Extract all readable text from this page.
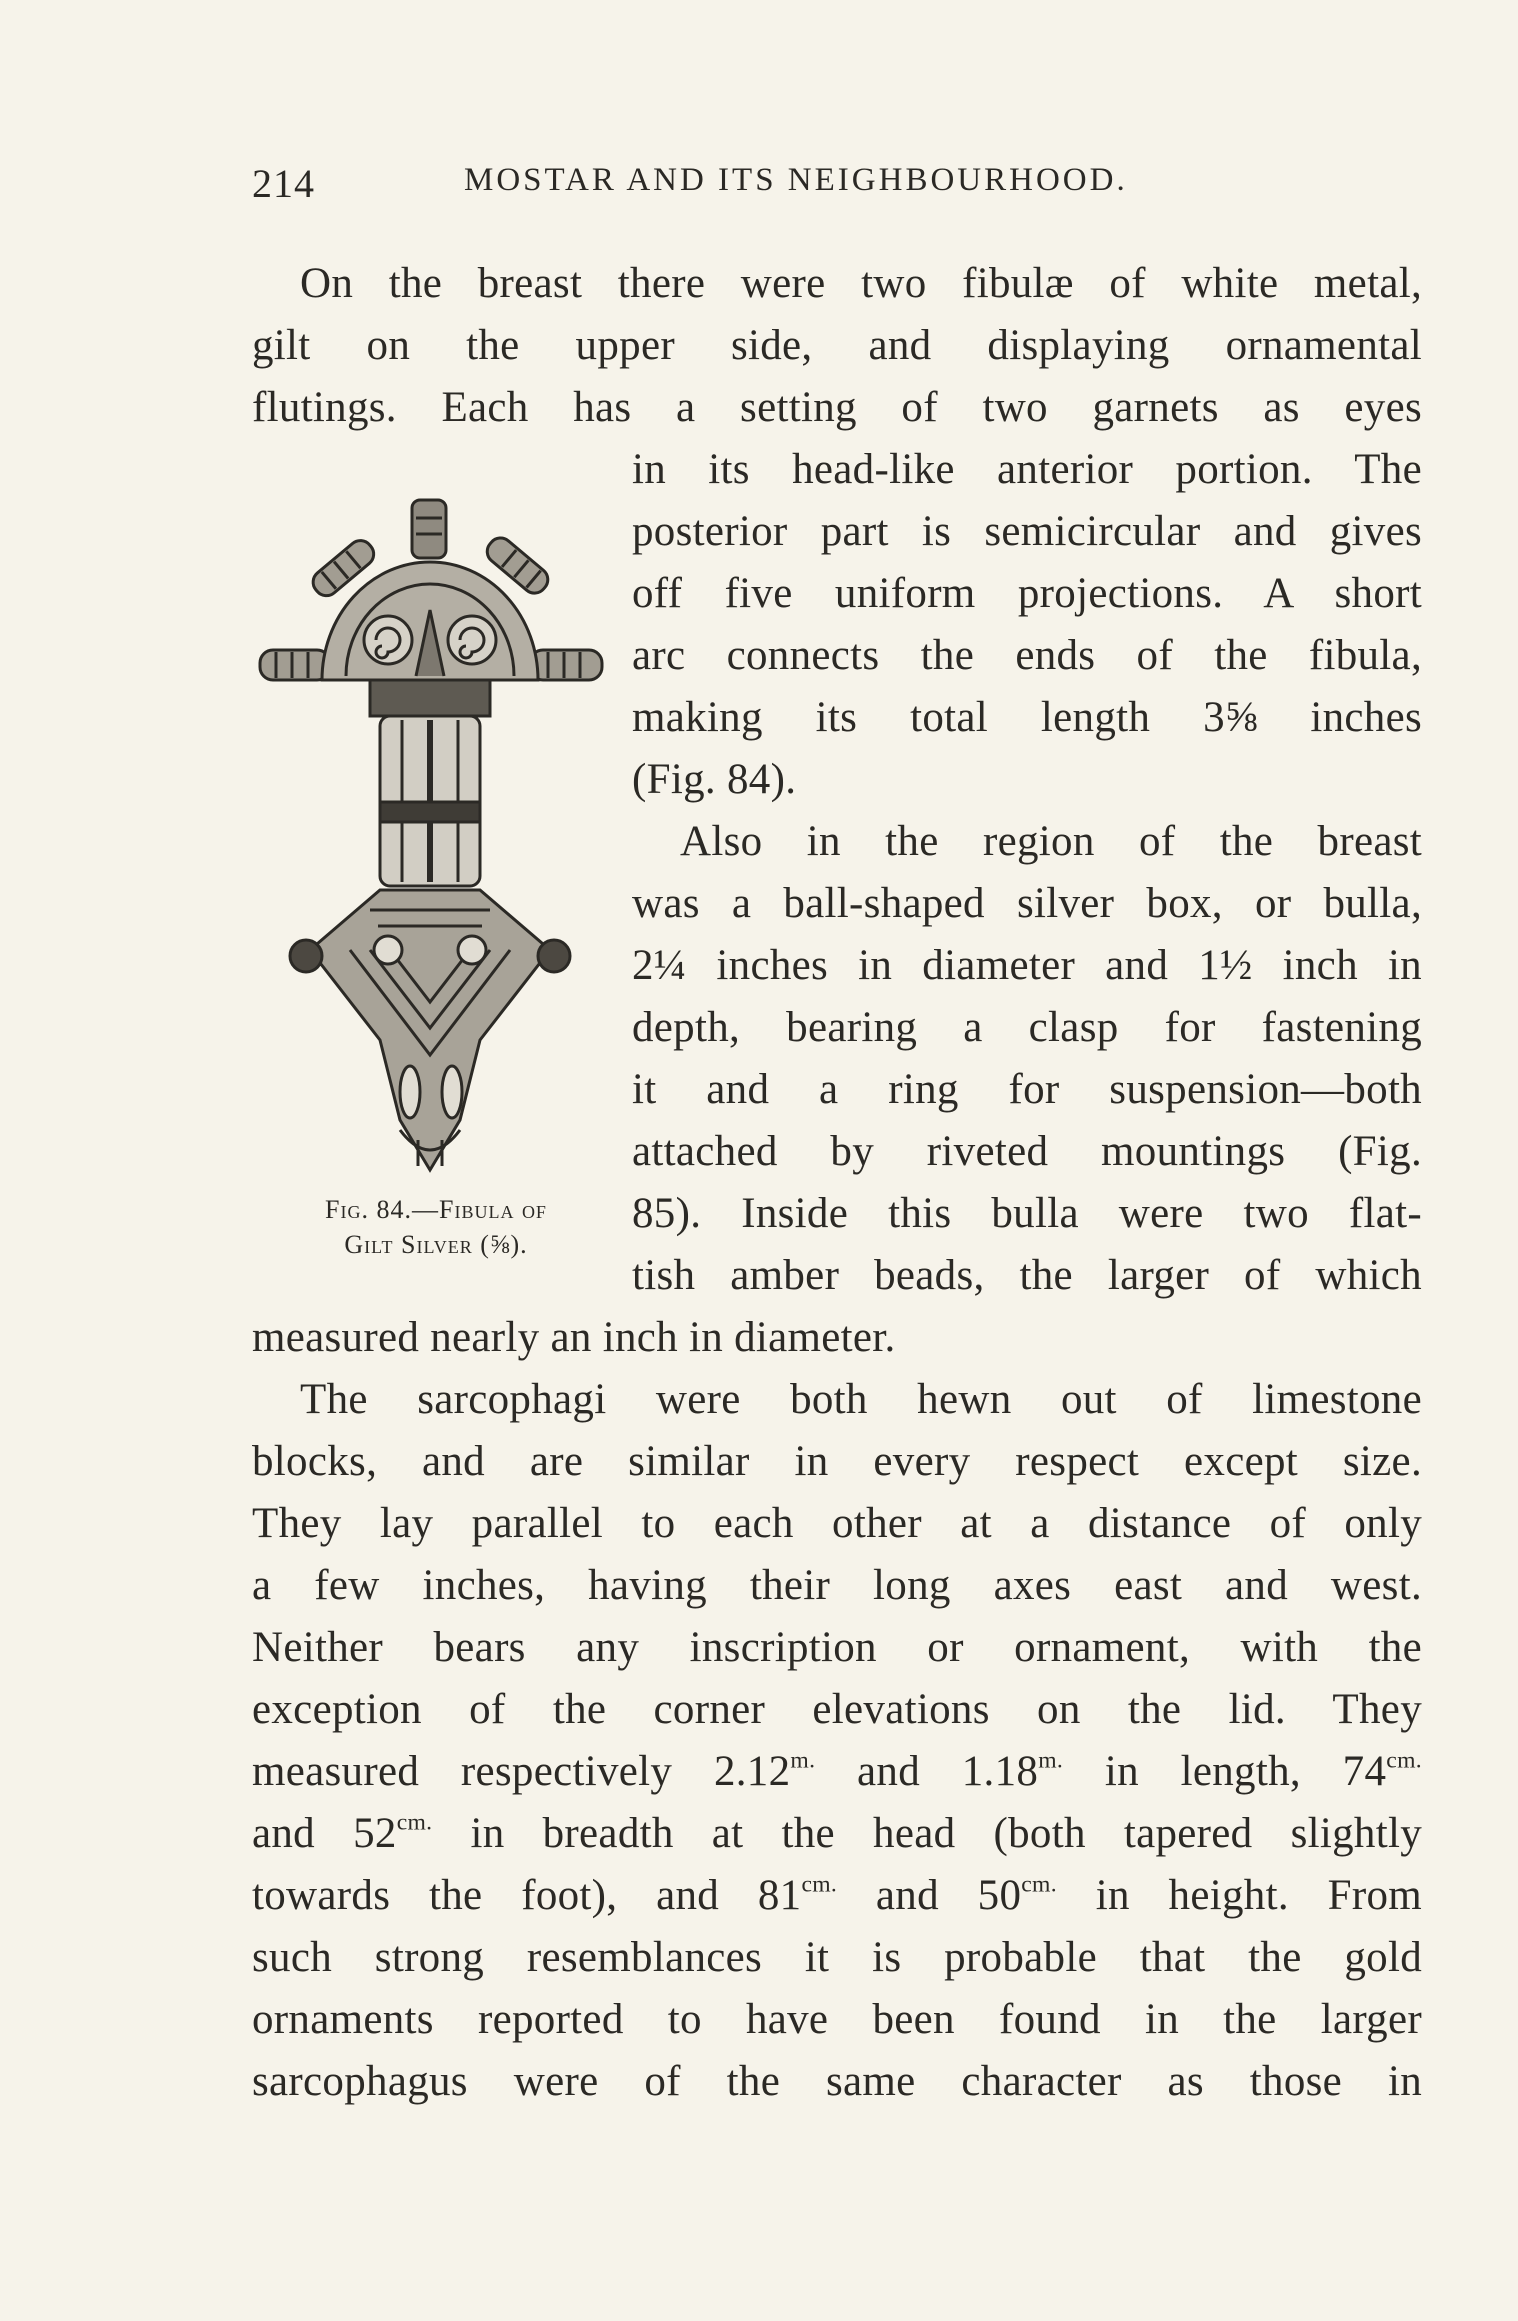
214	MOSTAR AND ITS NEIGHBOURHOOD.
On the breast there were two fibulæ of white metal,
gilt on the upper side, and displaying ornamental
flutings. Each has a setting of two garnets as eyes
in its head-like anterior portion. The
posterior part is semicircular and gives
off five uniform projections. A short
arc connects the ends of the fibula,
making its total length 3⅝ inches
(Fig. 84).
Also in the region of the breast
was a ball-shaped silver box, or bulla,
2¼ inches in diameter and 1½ inch in
depth, bearing a clasp for fastening
it and a ring for suspension—both
attached by riveted mountings (Fig.
85). Inside this bulla were two flat-
tish amber beads, the larger of which
measured nearly an inch in diameter.
The sarcophagi were both hewn out of limestone
blocks, and are similar in every respect except size.
They lay parallel to each other at a distance of only
a few inches, having their long axes east and west.
Neither bears any inscription or ornament, with the
exception of the corner elevations on the lid. They
measured respectively $2.12^{m.}$ and $1.18^{m.}$ in length, $74^{cm.}$
and $52^{cm.}$ in breadth at the head (both tapered slightly
towards the foot), and $81^{cm.}$ and $50^{cm.}$ in height. From
such strong resemblances it is probable that the gold
ornaments reported to have been found in the larger
sarcophagus were of the same character as those in
Fig. 84.—Fibula of
Gilt Silver (⅝).
